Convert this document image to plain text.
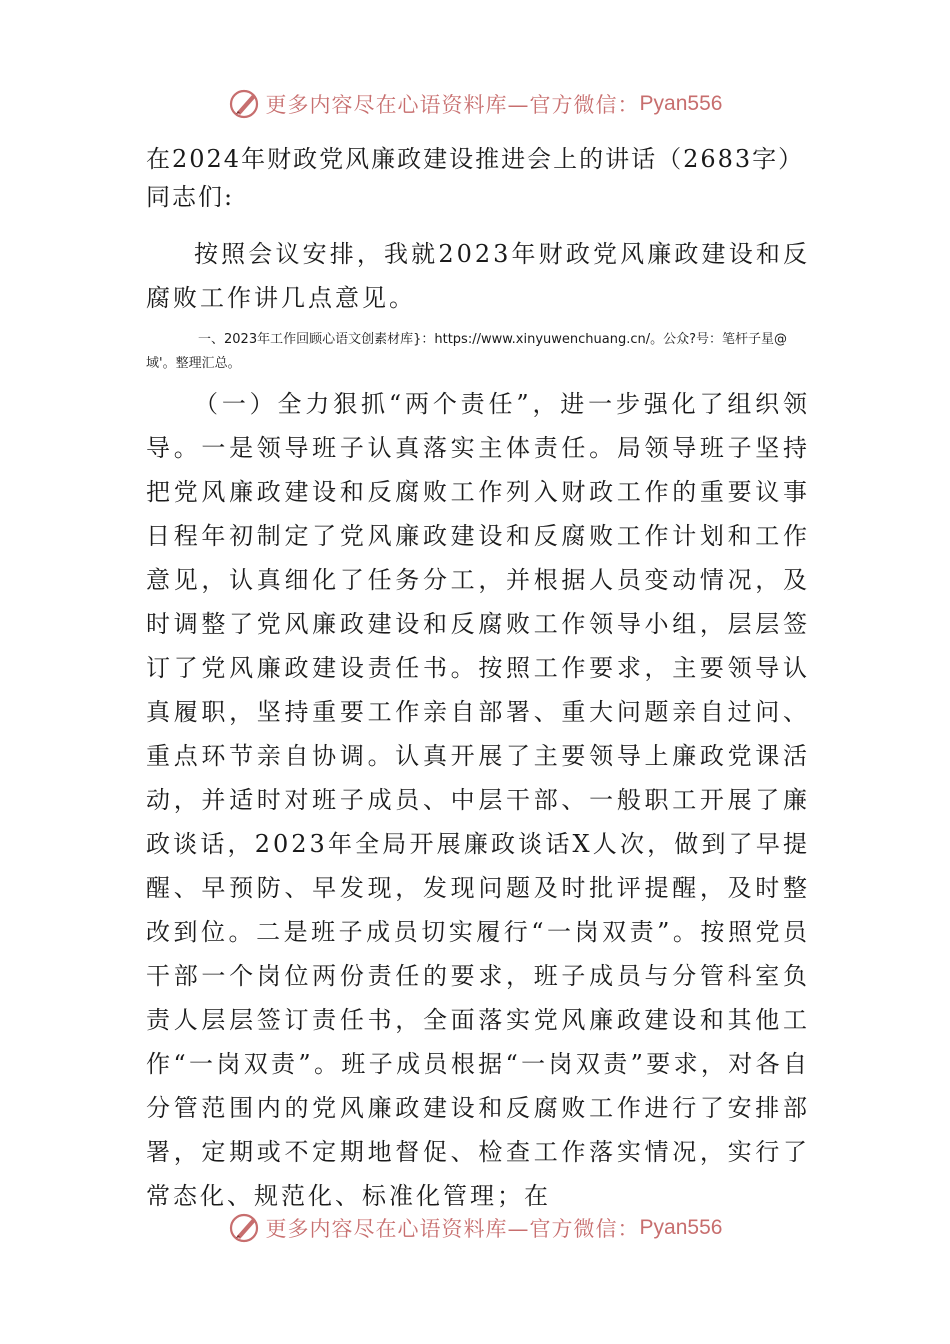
更多内容尽在心语资料库—官方微信： Pyan556

在2024年财政党风廉政建设推进会上的讲话（2683字）

同志们:

按照会议安排，我就2023年财政党风廉政建设和反腐败工作讲几点意见。

一、2023年工作回顾心语文创素材库}：https://www.xinyuwenchuang.cn/。公众?号：笔杆子星@域'。整理汇总。

（一）全力狠抓“两个责任”，进一步强化了组织领导。一是领导班子认真落实主体责任。局领导班子坚持把党风廉政建设和反腐败工作列入财政工作的重要议事日程年初制定了党风廉政建设和反腐败工作计划和工作意见，认真细化了任务分工，并根据人员变动情况，及时调整了党风廉政建设和反腐败工作领导小组，层层签订了党风廉政建设责任书。按照工作要求，主要领导认真履职，坚持重要工作亲自部署、重大问题亲自过问、重点环节亲自协调。认真开展了主要领导上廉政党课活动，并适时对班子成员、中层干部、一般职工开展了廉政谈话，2023年全局开展廉政谈话X人次，做到了早提醒、早预防、早发现，发现问题及时批评提醒，及时整改到位。二是班子成员切实履行“一岗双责”。按照党员干部一个岗位两份责任的要求，班子成员与分管科室负责人层层签订责任书，全面落实党风廉政建设和其他工作“一岗双责”。班子成员根据“一岗双责”要求，对各自分管范围内的党风廉政建设和反腐败工作进行了安排部署，定期或不定期地督促、检查工作落实情况，实行了常态化、规范化、标准化管理；在

更多内容尽在心语资料库—官方微信： Pyan556
